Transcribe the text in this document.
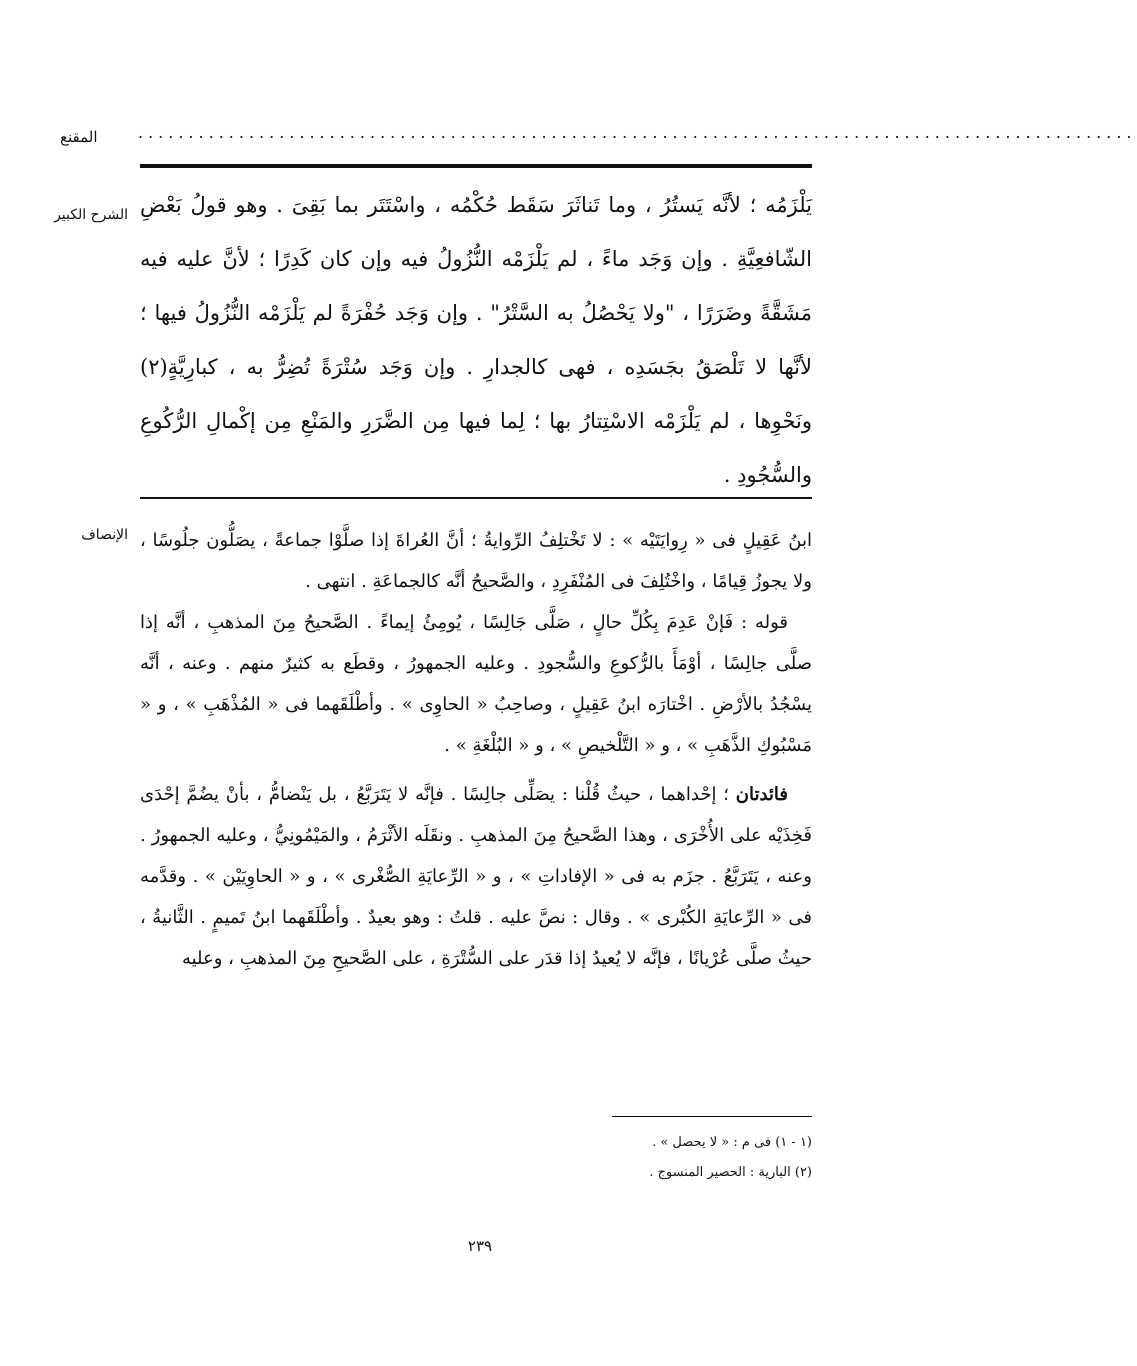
المقنع	...................................................................................................
الشرح الكبير يَلْزَمُه ؛ لأنَّه يَستُرُ ، وما تَناثَرَ سَقَط حُكْمُه ، واسْتَتَر بما بَقِىَ . وهو قولُ بَعْضِ الشّافعِيَّةِ . وإن وَجَد ماءً ، لم يَلْزَمْه النُّزُولُ فيه وإن كان كَدِرًا ؛ لأنَّ عليه فيه مَشَقَّةً وضَرَرًا ، "ولا يَحْصُلُ به السَّتْرُ" . وإن وَجَد حُفْرَةً لم يَلْزَمْه النُّزُولُ فيها ؛ لأنَّها لا تَلْصَقُ بجَسَدِه ، فهى كالجدارِ . وإن وَجَد سُتْرَةً تُضِرُّ به ، كبارِيَّةٍ(٢) ونَحْوِها ، لم يَلْزَمْه الاسْتِتارُ بها ؛ لِما فيها مِن الضَّرَرِ والمَنْعِ مِن إكْمالِ الرُّكُوعِ والسُّجُودِ .
الإنصاف ابنُ عَقِيلٍ فى « رِوايَتَيْه » : لا تَخْتلِفُ الرِّوايةُ ؛ أنَّ العُراةَ إذا صلَّوْا جماعةً ، يصَلُّون جلُوسًا ، ولا يجوزُ قِيامًا ، واخْتُلِفَ فى المُنْفَرِدِ ، والصَّحيحُ أنَّه كالجماعَةِ . انتهى .

قوله : فَإنْ عَدِمَ بِكُلِّ حالٍ ، صَلَّى جَالِسًا ، يُومِئُ إيماءً . الصَّحيحُ مِنَ المذهبِ ، أنَّه إذا صلَّى جالِسًا ، أوْمَأَ بالرُّكوعِ والسُّجودِ . وعليه الجمهورُ ، وقطَع به كثيرٌ منهم . وعنه ، أنَّه يسْجُدُ بالأرْضِ . اخْتارَه ابنُ عَقِيلٍ ، وصاحِبُ « الحاوِى » . وأطْلَقَهما فى « المُذْهَبِ » ، و « مَسْبُوكِ الذَّهَبِ » ، و « التَّلْخيصِ » ، و « البُلْغَةِ » .

فائدتان ؛ إحْداهما ، حيثُ قُلْنا : يصَلِّى جالِسًا . فإنَّه لا يَتَرَبَّعُ ، بل يَنْضامُّ ، بأنْ يضُمَّ إحْدَى فَخِذَيْه على الأُخْرَى ، وهذا الصَّحيحُ مِنَ المذهبِ . ونقَلَه الأثْرَمُ ، والمَيْمُونِيُّ ، وعليه الجمهورُ . وعنه ، يَتَرَبَّعُ . جزَم به فى « الإفاداتِ » ، و « الرِّعايَةِ الصُّغْرى » ، و « الحاوِيَيْن » . وقدَّمه فى « الرِّعايَةِ الكُبْرى » . وقال : نصَّ عليه . قلتُ : وهو بعيدٌ . وأطْلَقَهما ابنُ تَميمٍ . الثَّانيةُ ، حيثُ صلَّى عُرْيانًا ، فإنَّه لا يُعيدُ إذا قدَر على السُّتْرَةِ ، على الصَّحيحِ مِنَ المذهبِ ، وعليه

(١ - ١) فى م : « لا يحصل » .
(٢) البارية : الحصير المنسوج .
٢٣٩
